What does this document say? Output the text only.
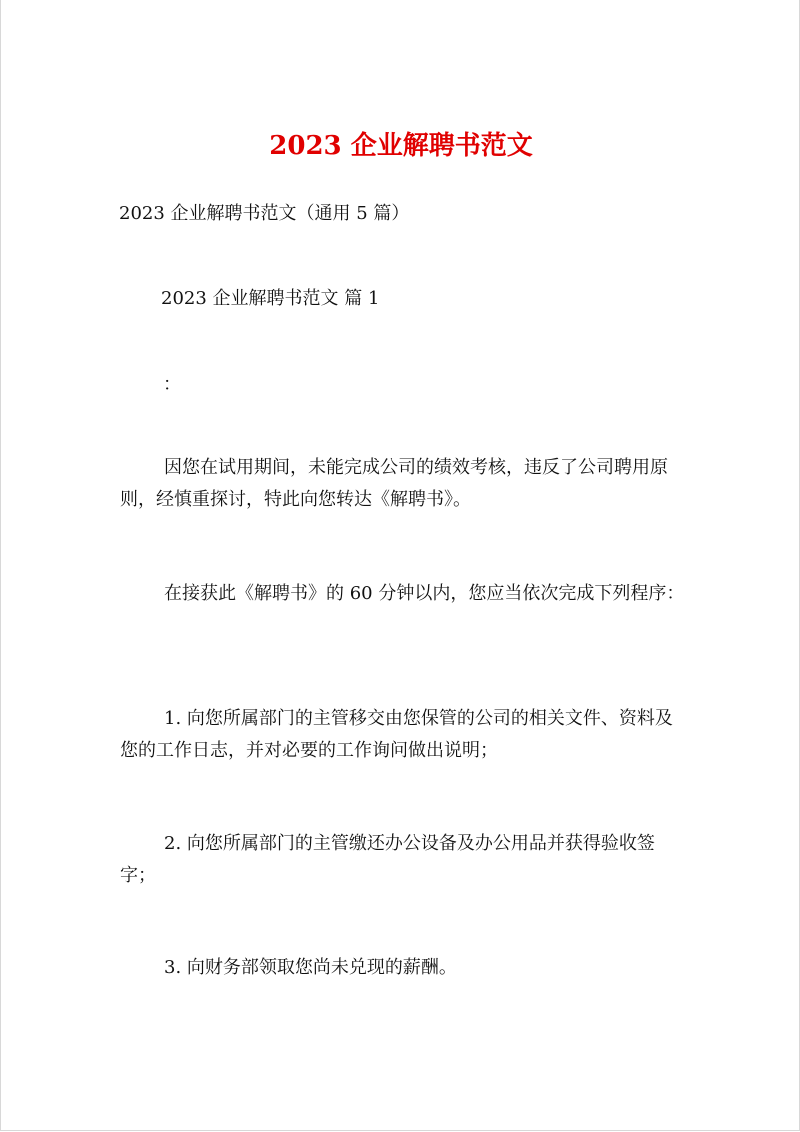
2023 企业解聘书范文
2023 企业解聘书范文（通用 5 篇）
2023 企业解聘书范文 篇 1
：
因您在试用期间，未能完成公司的绩效考核，违反了公司聘用原则，经慎重探讨，特此向您转达《解聘书》。
在接获此《解聘书》的 60 分钟以内，您应当依次完成下列程序：
1. 向您所属部门的主管移交由您保管的公司的相关文件、资料及您的工作日志，并对必要的工作询问做出说明；
2. 向您所属部门的主管缴还办公设备及办公用品并获得验收签字；
3. 向财务部领取您尚未兑现的薪酬。
